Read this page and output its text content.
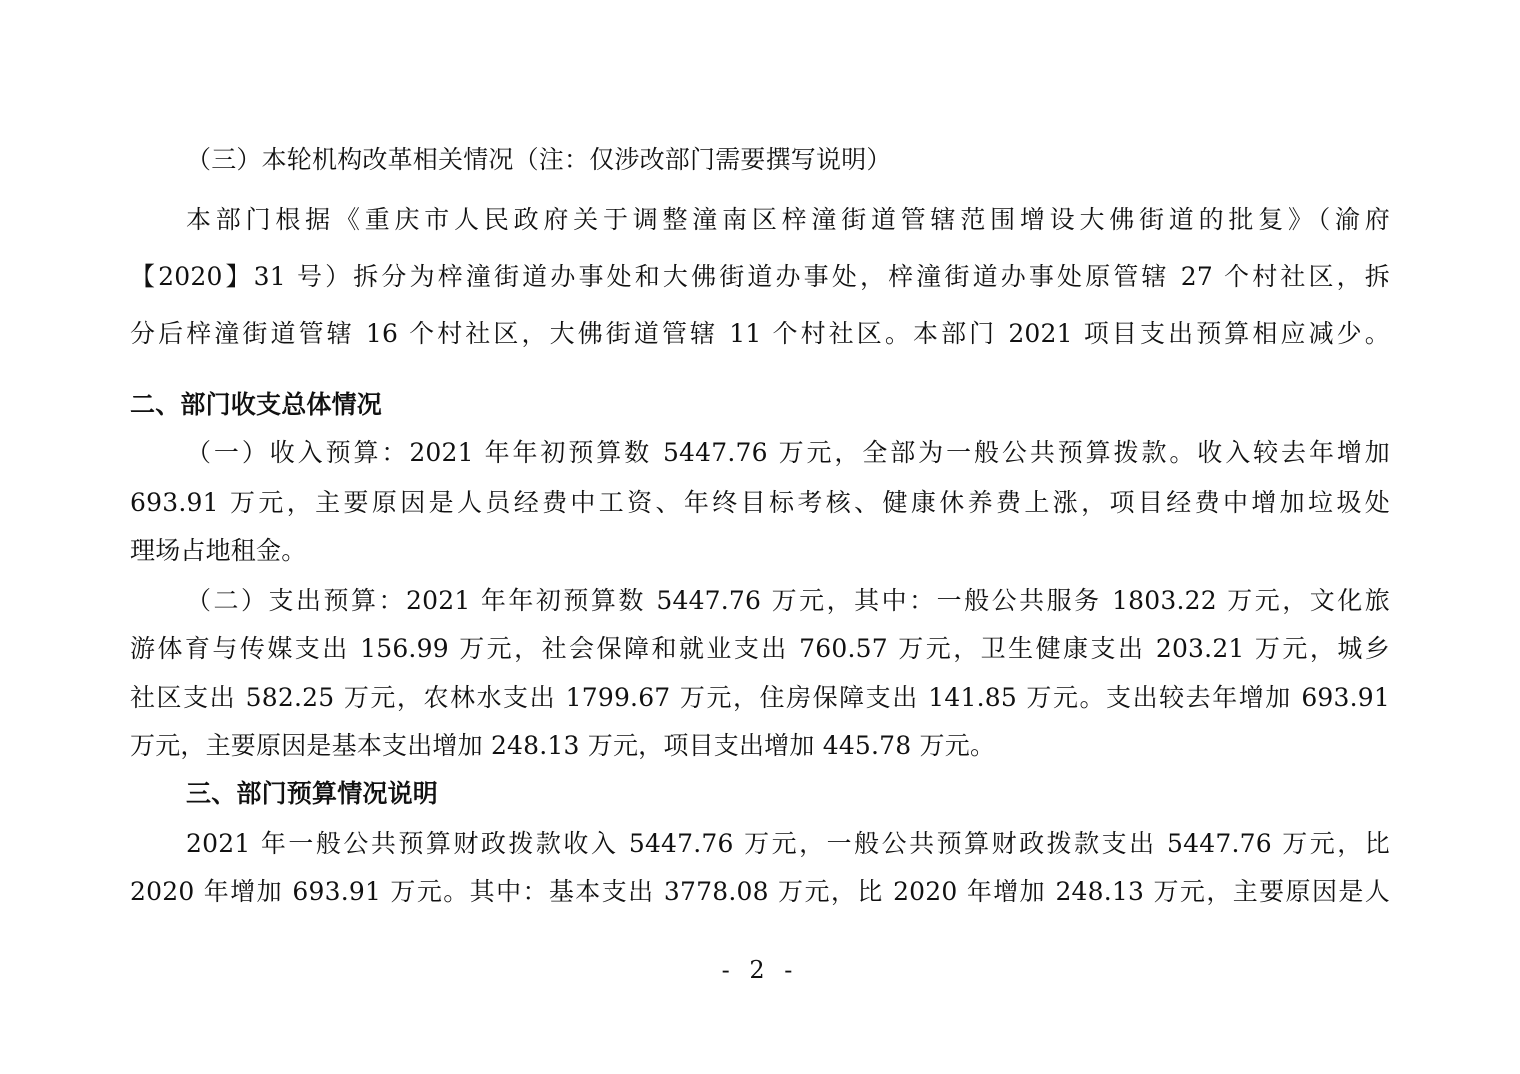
（三）本轮机构改革相关情况（注：仅涉改部门需要撰写说明）
本部门根据《重庆市人民政府关于调整潼南区梓潼街道管辖范围增设大佛街道的批复》（渝府
【2020】31 号）拆分为梓潼街道办事处和大佛街道办事处，梓潼街道办事处原管辖 27 个村社区，拆
分后梓潼街道管辖 16 个村社区，大佛街道管辖 11 个村社区。本部门 2021 项目支出预算相应减少。
二、部门收支总体情况
（一）收入预算：2021 年年初预算数 5447.76 万元，全部为一般公共预算拨款。收入较去年增加
693.91 万元，主要原因是人员经费中工资、年终目标考核、健康休养费上涨，项目经费中增加垃圾处
理场占地租金。
（二）支出预算：2021 年年初预算数 5447.76 万元，其中：一般公共服务 1803.22 万元，文化旅
游体育与传媒支出 156.99 万元，社会保障和就业支出 760.57 万元，卫生健康支出 203.21 万元，城乡
社区支出 582.25 万元，农林水支出 1799.67 万元，住房保障支出 141.85 万元。支出较去年增加 693.91
万元，主要原因是基本支出增加 248.13 万元，项目支出增加 445.78 万元。
三、部门预算情况说明
2021 年一般公共预算财政拨款收入 5447.76 万元，一般公共预算财政拨款支出 5447.76 万元，比
2020 年增加 693.91 万元。其中：基本支出 3778.08 万元，比 2020 年增加 248.13 万元，主要原因是人
- 2 -
